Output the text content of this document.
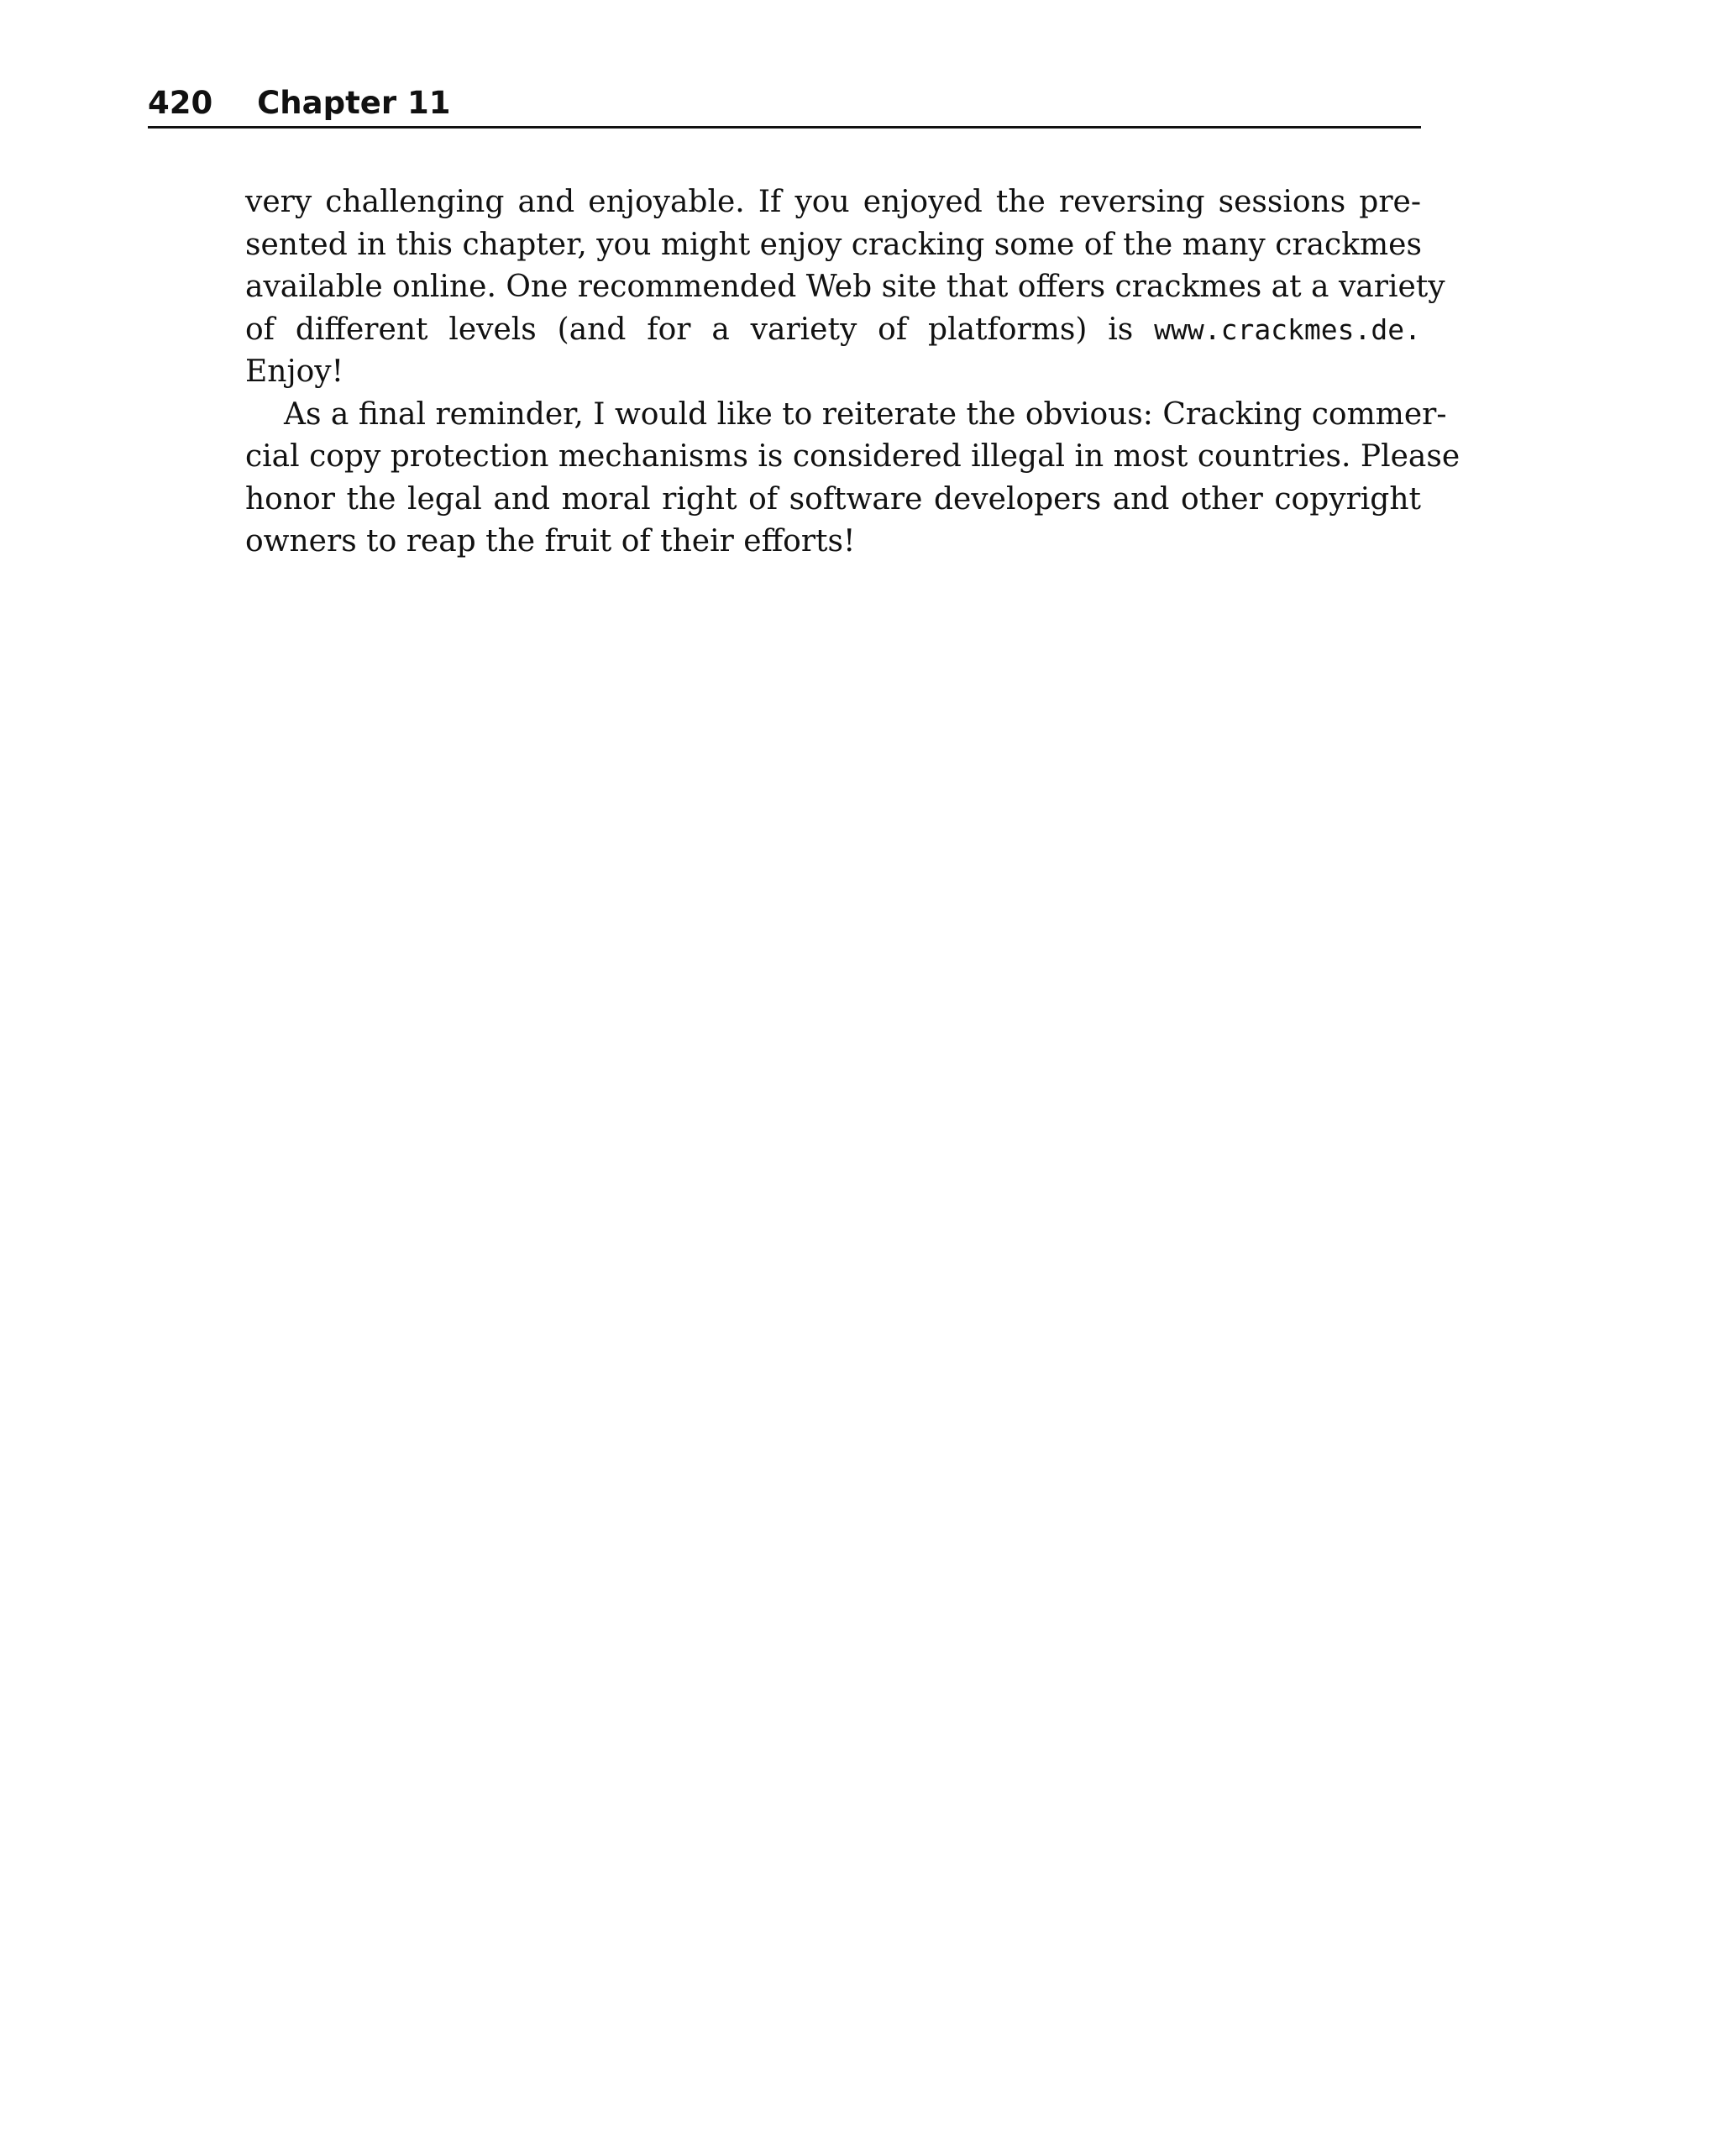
420 Chapter 11
very challenging and enjoyable. If you enjoyed the reversing sessions pre-
sented in this chapter, you might enjoy cracking some of the many crackmes
available online. One recommended Web site that offers crackmes at a variety
of different levels (and for a variety of platforms) is www.crackmes.de.
Enjoy!
As a final reminder, I would like to reiterate the obvious: Cracking commer-
cial copy protection mechanisms is considered illegal in most countries. Please
honor the legal and moral right of software developers and other copyright
owners to reap the fruit of their efforts!
